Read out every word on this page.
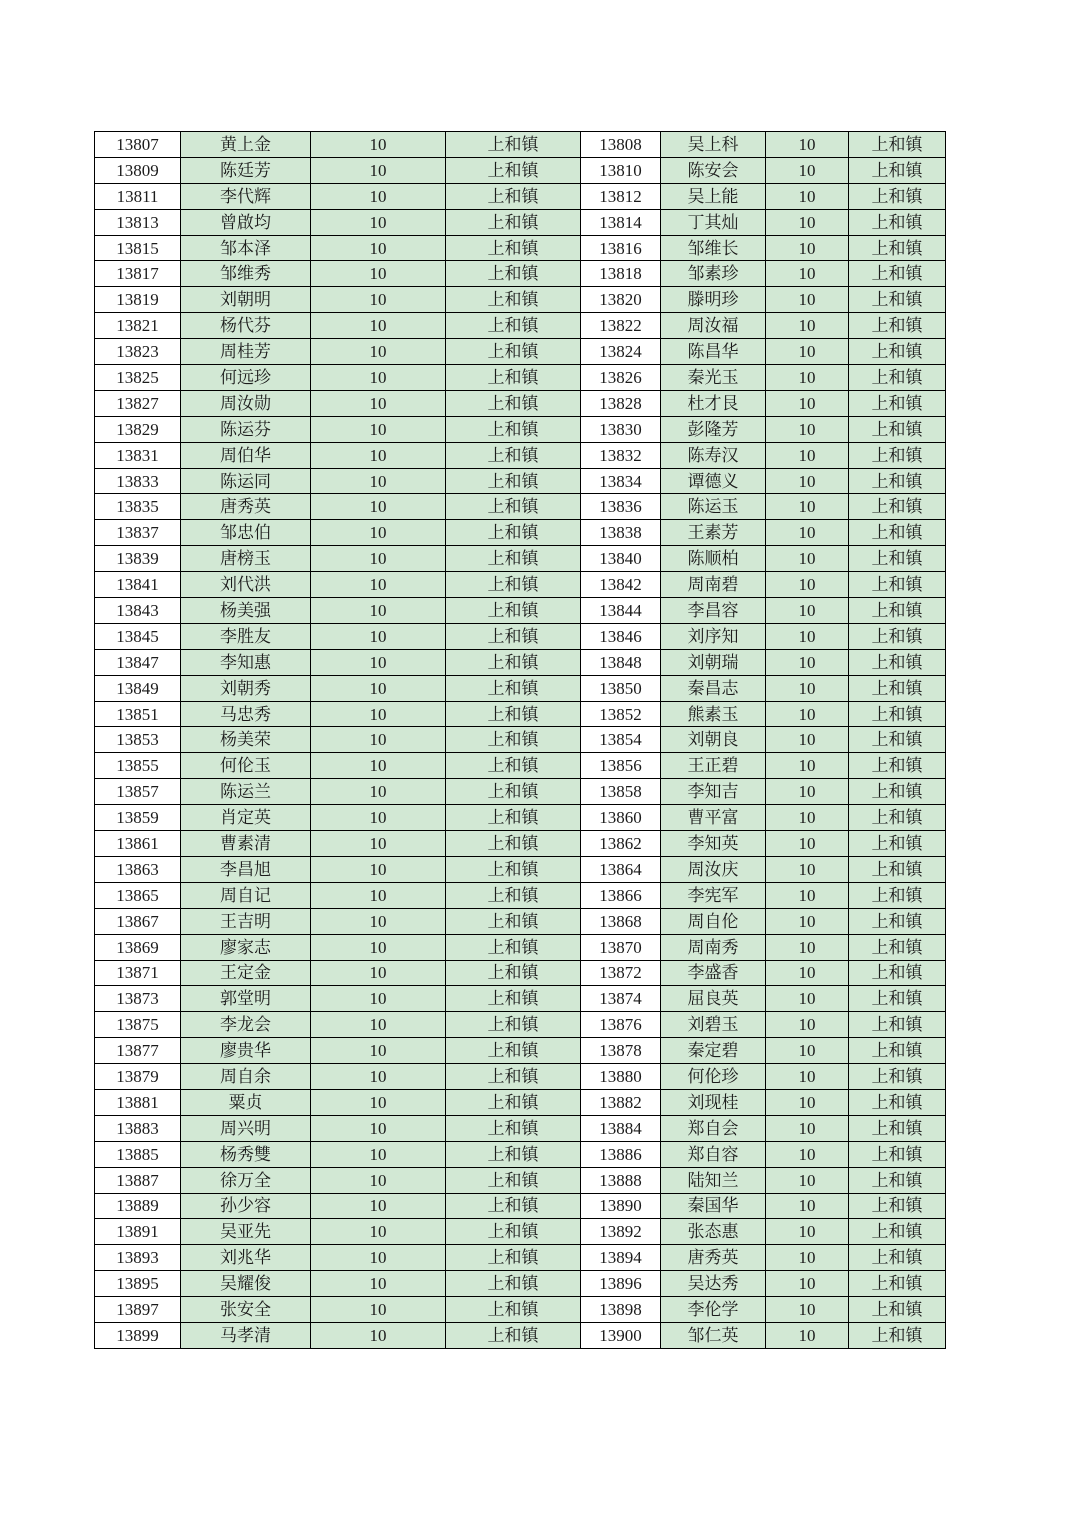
13807	黄上金	10	上和镇	13808	吴上科	10	上和镇
13809	陈廷芳	10	上和镇	13810	陈安会	10	上和镇
13811	李代辉	10	上和镇	13812	吴上能	10	上和镇
13813	曾啟均	10	上和镇	13814	丁其灿	10	上和镇
13815	邹本泽	10	上和镇	13816	邹维长	10	上和镇
13817	邹维秀	10	上和镇	13818	邹素珍	10	上和镇
13819	刘朝明	10	上和镇	13820	滕明珍	10	上和镇
13821	杨代芬	10	上和镇	13822	周汝福	10	上和镇
13823	周桂芳	10	上和镇	13824	陈昌华	10	上和镇
13825	何远珍	10	上和镇	13826	秦光玉	10	上和镇
13827	周汝勋	10	上和镇	13828	杜才艮	10	上和镇
13829	陈运芬	10	上和镇	13830	彭隆芳	10	上和镇
13831	周伯华	10	上和镇	13832	陈寿汉	10	上和镇
13833	陈运同	10	上和镇	13834	谭德义	10	上和镇
13835	唐秀英	10	上和镇	13836	陈运玉	10	上和镇
13837	邹忠伯	10	上和镇	13838	王素芳	10	上和镇
13839	唐榜玉	10	上和镇	13840	陈顺柏	10	上和镇
13841	刘代洪	10	上和镇	13842	周南碧	10	上和镇
13843	杨美强	10	上和镇	13844	李昌容	10	上和镇
13845	李胜友	10	上和镇	13846	刘序知	10	上和镇
13847	李知惠	10	上和镇	13848	刘朝瑞	10	上和镇
13849	刘朝秀	10	上和镇	13850	秦昌志	10	上和镇
13851	马忠秀	10	上和镇	13852	熊素玉	10	上和镇
13853	杨美荣	10	上和镇	13854	刘朝良	10	上和镇
13855	何伦玉	10	上和镇	13856	王正碧	10	上和镇
13857	陈运兰	10	上和镇	13858	李知吉	10	上和镇
13859	肖定英	10	上和镇	13860	曹平富	10	上和镇
13861	曹素清	10	上和镇	13862	李知英	10	上和镇
13863	李昌旭	10	上和镇	13864	周汝庆	10	上和镇
13865	周自记	10	上和镇	13866	李宪军	10	上和镇
13867	王吉明	10	上和镇	13868	周自伦	10	上和镇
13869	廖家志	10	上和镇	13870	周南秀	10	上和镇
13871	王定金	10	上和镇	13872	李盛香	10	上和镇
13873	郭堂明	10	上和镇	13874	屈良英	10	上和镇
13875	李龙会	10	上和镇	13876	刘碧玉	10	上和镇
13877	廖贵华	10	上和镇	13878	秦定碧	10	上和镇
13879	周自余	10	上和镇	13880	何伦珍	10	上和镇
13881	粟贞	10	上和镇	13882	刘现桂	10	上和镇
13883	周兴明	10	上和镇	13884	郑自会	10	上和镇
13885	杨秀雙	10	上和镇	13886	郑自容	10	上和镇
13887	徐万全	10	上和镇	13888	陆知兰	10	上和镇
13889	孙少容	10	上和镇	13890	秦国华	10	上和镇
13891	吴亚先	10	上和镇	13892	张态惠	10	上和镇
13893	刘兆华	10	上和镇	13894	唐秀英	10	上和镇
13895	吴耀俊	10	上和镇	13896	吴达秀	10	上和镇
13897	张安全	10	上和镇	13898	李伦学	10	上和镇
13899	马孝清	10	上和镇	13900	邹仁英	10	上和镇
